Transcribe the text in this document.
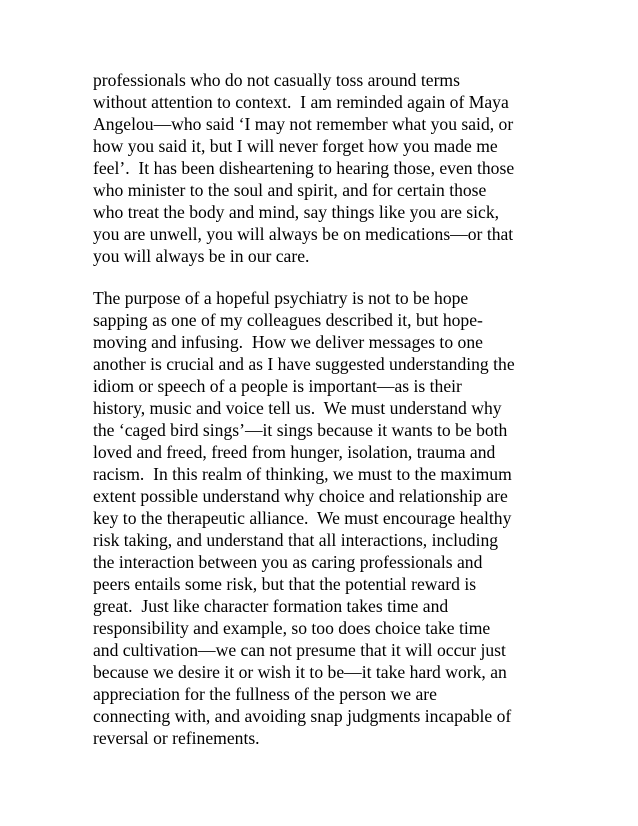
professionals who do not casually toss around terms
without attention to context.  I am reminded again of Maya
Angelou—who said ‘I may not remember what you said, or
how you said it, but I will never forget how you made me
feel’.  It has been disheartening to hearing those, even those
who minister to the soul and spirit, and for certain those
who treat the body and mind, say things like you are sick,
you are unwell, you will always be on medications—or that
you will always be in our care.

The purpose of a hopeful psychiatry is not to be hope
sapping as one of my colleagues described it, but hope-
moving and infusing.  How we deliver messages to one
another is crucial and as I have suggested understanding the
idiom or speech of a people is important—as is their
history, music and voice tell us.  We must understand why
the ‘caged bird sings’—it sings because it wants to be both
loved and freed, freed from hunger, isolation, trauma and
racism.  In this realm of thinking, we must to the maximum
extent possible understand why choice and relationship are
key to the therapeutic alliance.  We must encourage healthy
risk taking, and understand that all interactions, including
the interaction between you as caring professionals and
peers entails some risk, but that the potential reward is
great.  Just like character formation takes time and
responsibility and example, so too does choice take time
and cultivation—we can not presume that it will occur just
because we desire it or wish it to be—it take hard work, an
appreciation for the fullness of the person we are
connecting with, and avoiding snap judgments incapable of
reversal or refinements.
